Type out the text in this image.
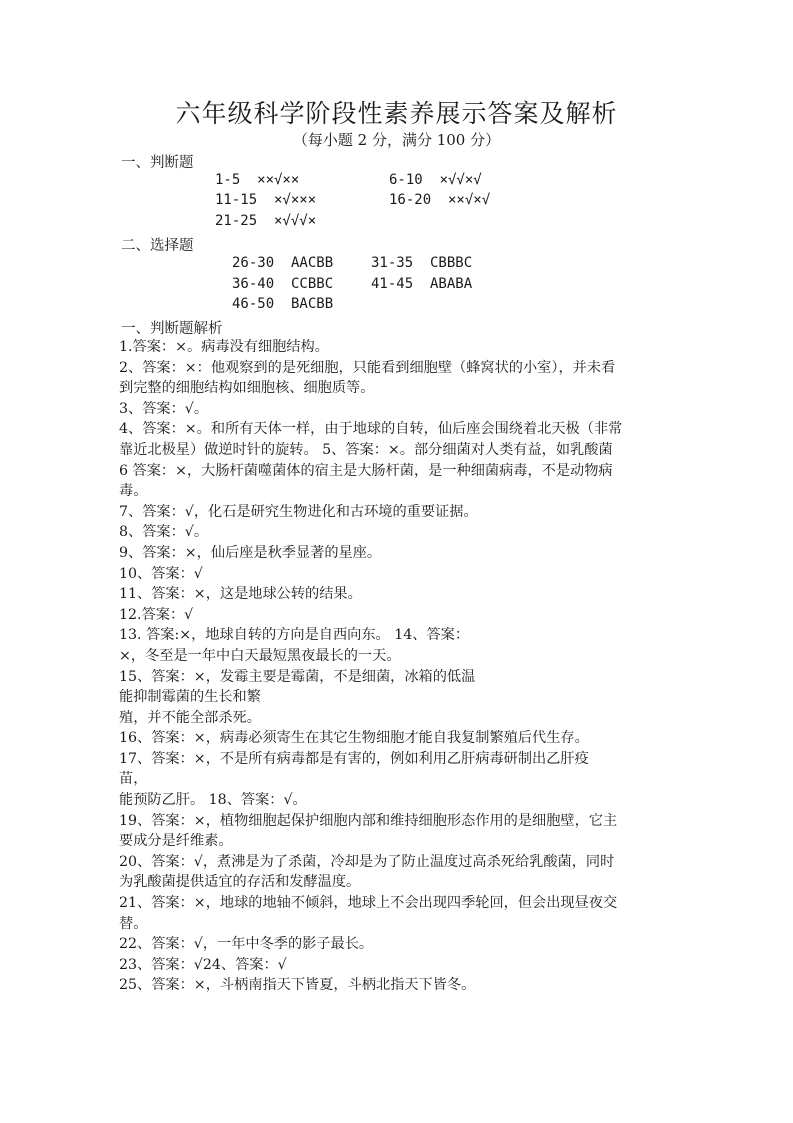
六年级科学阶段性素养展示答案及解析
（每小题 2 分，满分 100 分）
一、判断题
1-5  ××√××	6-10  ×√√×√
11-15  ×√×××	16-20  ××√×√
21-25  ×√√√×
二、选择题
26-30  AACBB	31-35  CBBBC
36-40  CCBBC	41-45  ABABA
46-50  BACBB
一、判断题解析
1.答案：×。病毒没有细胞结构。
2、答案：×：他观察到的是死细胞，只能看到细胞壁（蜂窝状的小室），并未看
到完整的细胞结构如细胞核、细胞质等。
3、答案：√。
4、答案：×。和所有天体一样，由于地球的自转，仙后座会围绕着北天极（非常
靠近北极星）做逆时针的旋转。 5、答案：×。部分细菌对人类有益，如乳酸菌
6 答案：×，大肠杆菌噬菌体的宿主是大肠杆菌，是一种细菌病毒，不是动物病
毒。
7、答案：√，化石是研究生物进化和古环境的重要证据。
8、答案：√。
9、答案：×，仙后座是秋季显著的星座。
10、答案：√
11、答案：×，这是地球公转的结果。
12.答案：√
13. 答案:×，地球自转的方向是自西向东。 14、答案：
×，冬至是一年中白天最短黑夜最长的一天。
15、答案：×，发霉主要是霉菌，不是细菌，冰箱的低温
能抑制霉菌的生长和繁
殖，并不能全部杀死。
16、答案：×，病毒必须寄生在其它生物细胞才能自我复制繁殖后代生存。
17、答案：×，不是所有病毒都是有害的，例如利用乙肝病毒研制出乙肝疫
苗，
能预防乙肝。 18、答案：√。
19、答案：×，植物细胞起保护细胞内部和维持细胞形态作用的是细胞壁，它主
要成分是纤维素。
20、答案：√，煮沸是为了杀菌，冷却是为了防止温度过高杀死给乳酸菌，同时
为乳酸菌提供适宜的存活和发酵温度。
21、答案：×，地球的地轴不倾斜，地球上不会出现四季轮回，但会出现昼夜交
替。
22、答案：√，一年中冬季的影子最长。
23、答案：√24、答案：√
25、答案：×，斗柄南指天下皆夏，斗柄北指天下皆冬。
